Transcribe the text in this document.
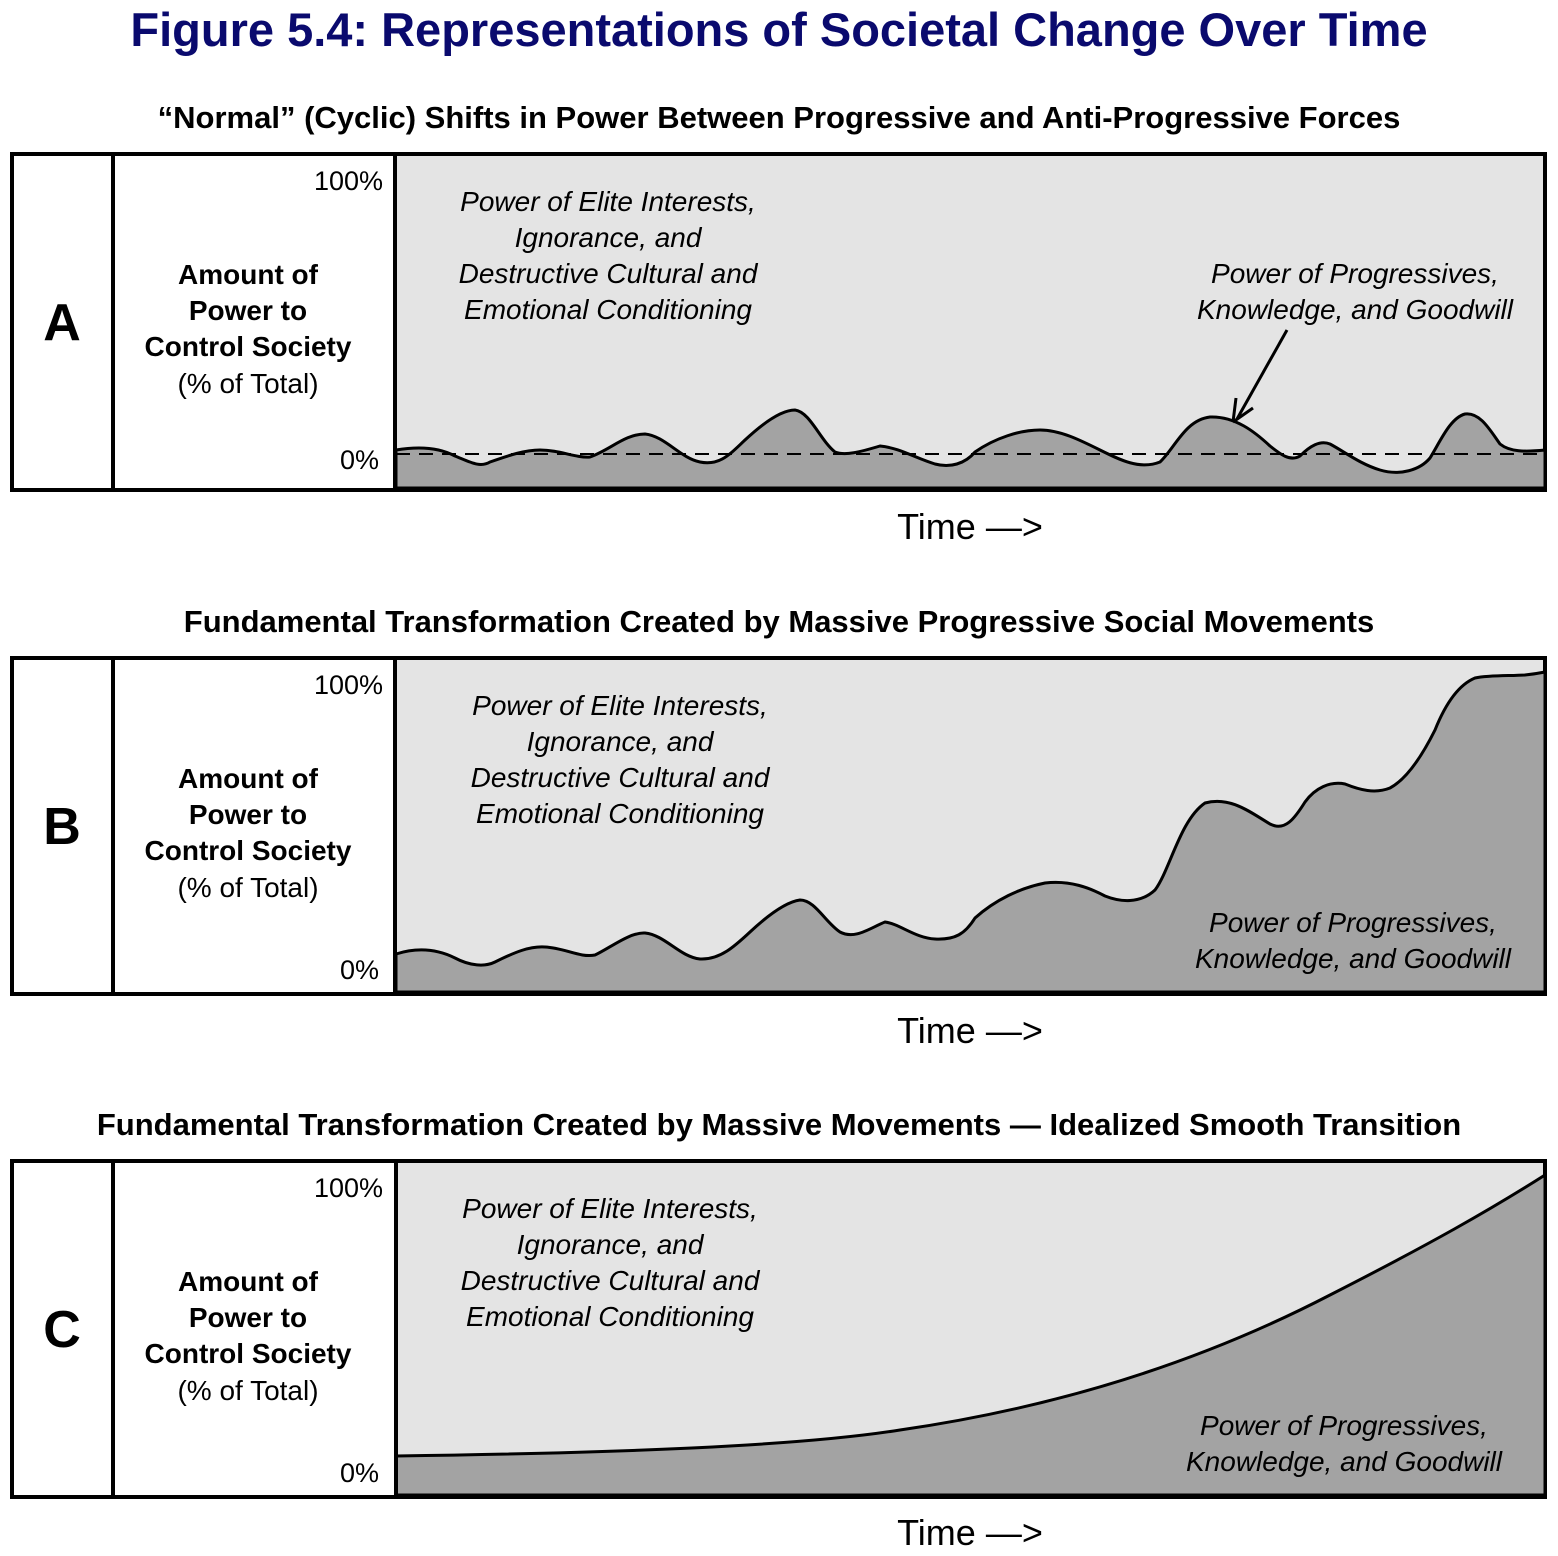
Figure 5.4: Representations of Societal Change Over Time
“Normal” (Cyclic) Shifts in Power Between Progressive and Anti-Progressive Forces
A
Amount of
Power to
Control Society
(% of Total)
100%
0%
Power of Elite Interests,
Ignorance, and
Destructive Cultural and
Emotional Conditioning
Power of Progressives,
Knowledge, and Goodwill
Time —>
Fundamental Transformation Created by Massive Progressive Social Movements
B
Amount of
Power to
Control Society
(% of Total)
100%
0%
Power of Elite Interests,
Ignorance, and
Destructive Cultural and
Emotional Conditioning
Power of Progressives,
Knowledge, and Goodwill
Time —>
Fundamental Transformation Created by Massive Movements — Idealized Smooth Transition
C
Amount of
Power to
Control Society
(% of Total)
100%
0%
Power of Elite Interests,
Ignorance, and
Destructive Cultural and
Emotional Conditioning
Power of Progressives,
Knowledge, and Goodwill
Time —>
